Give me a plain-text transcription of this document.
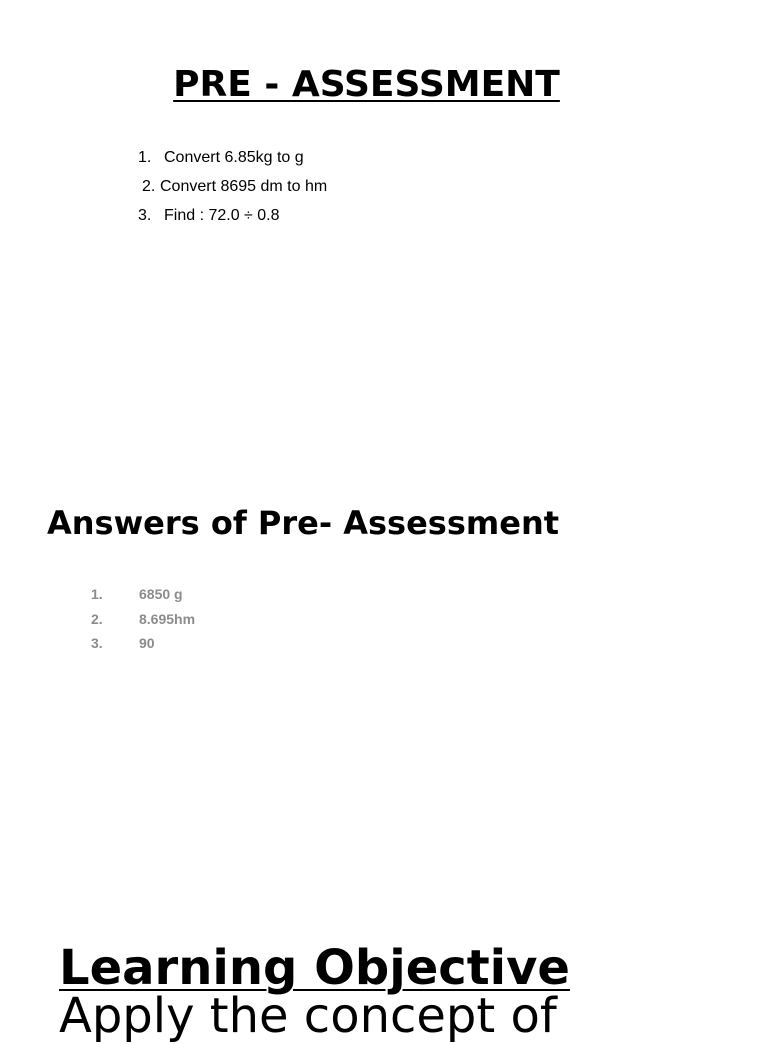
PRE - ASSESSMENT
1. Convert 6.85kg to g
2. Convert 8695 dm to hm
3. Find : 72.0 ÷ 0.8
Answers of Pre- Assessment
1.	6850 g
2.	8.695hm
3.	90
Learning Objective
Apply the concept of
